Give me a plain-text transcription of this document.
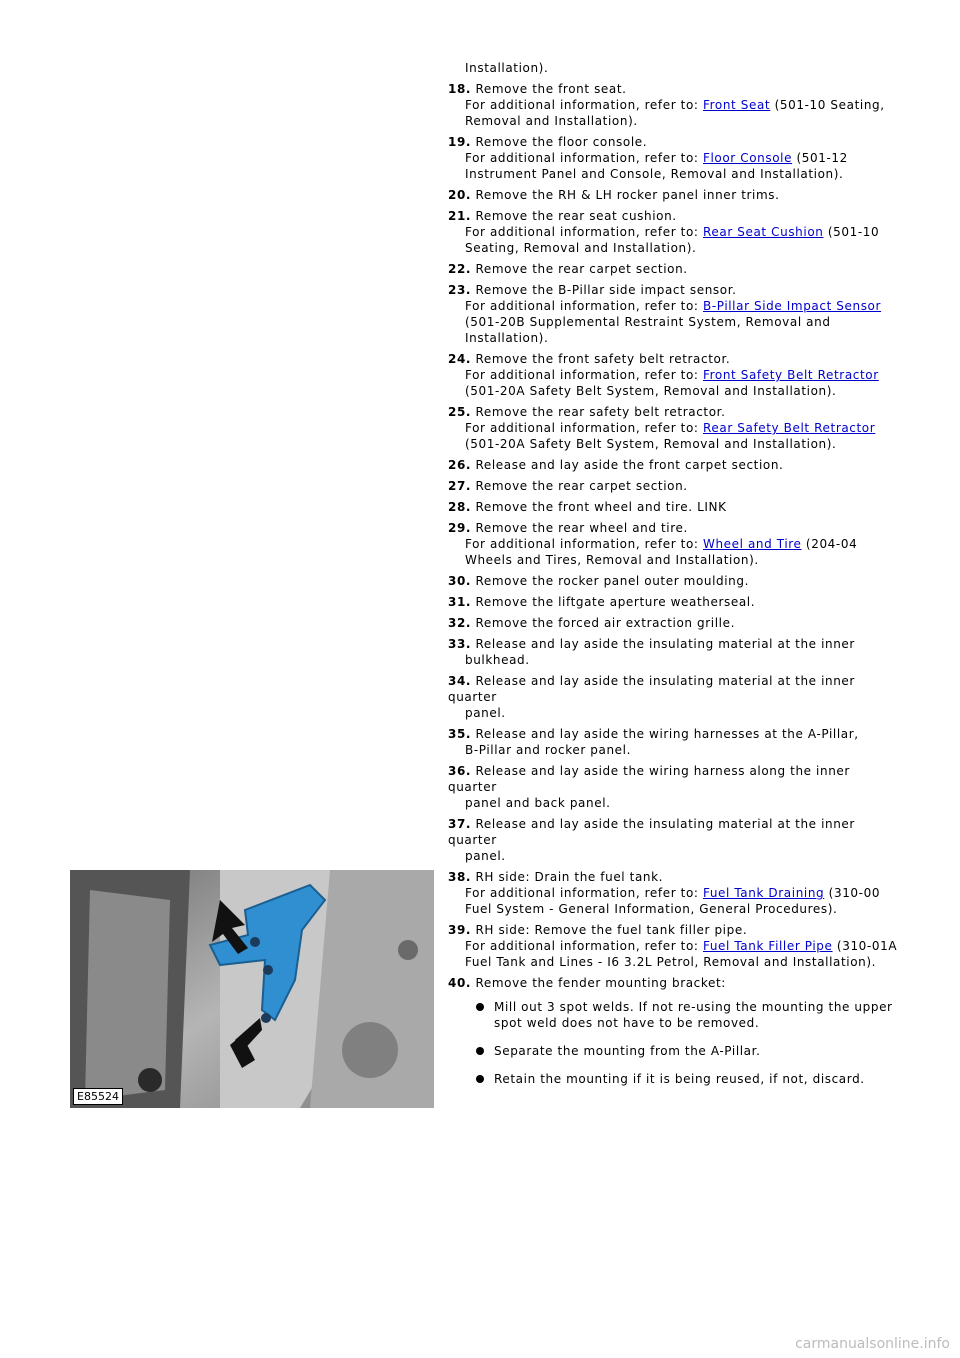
Installation).
18. Remove the front seat.
For additional information, refer to: Front Seat (501-10 Seating,
Removal and Installation).
19. Remove the floor console.
For additional information, refer to: Floor Console (501-12
Instrument Panel and Console, Removal and Installation).
20. Remove the RH & LH rocker panel inner trims.
21. Remove the rear seat cushion.
For additional information, refer to: Rear Seat Cushion (501-10
Seating, Removal and Installation).
22. Remove the rear carpet section.
23. Remove the B-Pillar side impact sensor.
For additional information, refer to: B-Pillar Side Impact Sensor
(501-20B Supplemental Restraint System, Removal and
Installation).
24. Remove the front safety belt retractor.
For additional information, refer to: Front Safety Belt Retractor
(501-20A Safety Belt System, Removal and Installation).
25. Remove the rear safety belt retractor.
For additional information, refer to: Rear Safety Belt Retractor
(501-20A Safety Belt System, Removal and Installation).
26. Release and lay aside the front carpet section.
27. Remove the rear carpet section.
28. Remove the front wheel and tire. LINK
29. Remove the rear wheel and tire.
For additional information, refer to: Wheel and Tire (204-04
Wheels and Tires, Removal and Installation).
30. Remove the rocker panel outer moulding.
31. Remove the liftgate aperture weatherseal.
32. Remove the forced air extraction grille.
33. Release and lay aside the insulating material at the inner
bulkhead.
34. Release and lay aside the insulating material at the inner quarter
panel.
35. Release and lay aside the wiring harnesses at the A-Pillar,
B-Pillar and rocker panel.
36. Release and lay aside the wiring harness along the inner quarter
panel and back panel.
37. Release and lay aside the insulating material at the inner quarter
panel.
38. RH side: Drain the fuel tank.
For additional information, refer to: Fuel Tank Draining (310-00
Fuel System - General Information, General Procedures).
39. RH side: Remove the fuel tank filler pipe.
For additional information, refer to: Fuel Tank Filler Pipe (310-01A
Fuel Tank and Lines - I6 3.2L Petrol, Removal and Installation).
40. Remove the fender mounting bracket:
Mill out 3 spot welds. If not re-using the mounting the upper
spot weld does not have to be removed.
Separate the mounting from the A-Pillar.
Retain the mounting if it is being reused, if not, discard.
E85524
carmanualsonline.info
